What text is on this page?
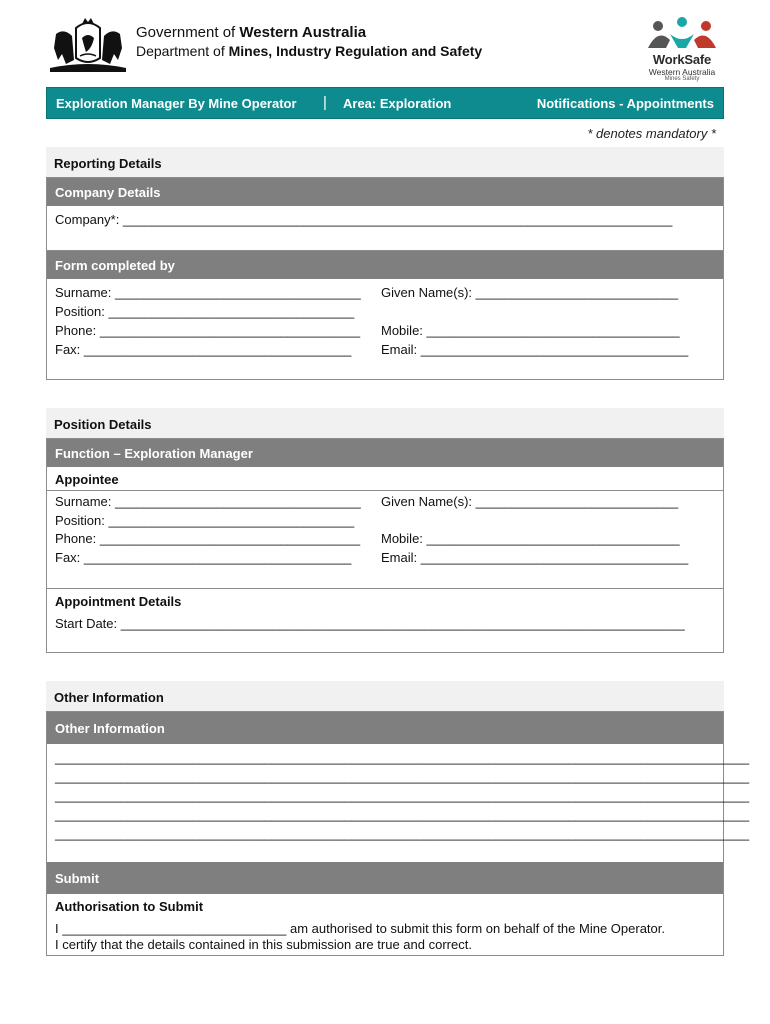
Government of Western Australia
Department of Mines, Industry Regulation and Safety
WorkSafe
Western Australia
Mines Safety
Exploration Manager By Mine Operator | Area: Exploration	Notifications - Appointments
* denotes mandatory *
Reporting Details
Company Details
Company*: ____________________________________________________________________________
Form completed by
Surname: __________________________________ Given Name(s): ____________________________
Position: __________________________________
Phone: ____________________________________ Mobile: ___________________________________
Fax: _____________________________________ Email: _____________________________________
Position Details
Function – Exploration Manager
Appointee
Surname: __________________________________ Given Name(s): ____________________________
Position: __________________________________
Phone: ____________________________________ Mobile: ___________________________________
Fax: _____________________________________ Email: _____________________________________
Appointment Details
Start Date: ______________________________________________________________________________
Other Information
Other Information
________________________________________________________________________________________________
________________________________________________________________________________________________
________________________________________________________________________________________________
________________________________________________________________________________________________
________________________________________________________________________________________________
Submit
Authorisation to Submit
I _______________________________ am authorised to submit this form on behalf of the Mine Operator.
I certify that the details contained in this submission are true and correct.
